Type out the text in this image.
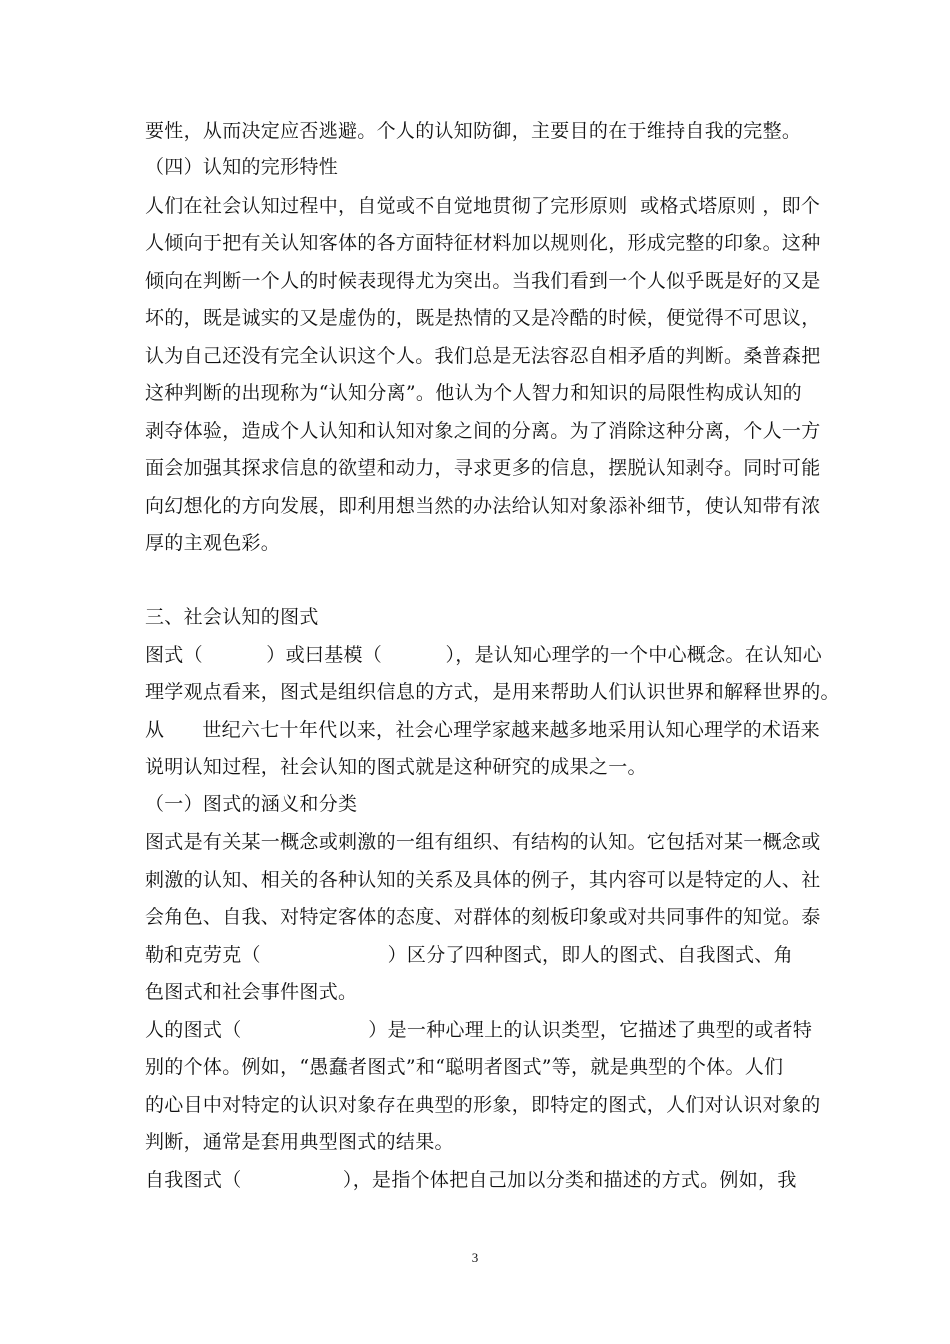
要性，从而决定应否逃避。个人的认知防御，主要目的在于维持自我的完整。
（四）认知的完形特性
人们在社会认知过程中，自觉或不自觉地贯彻了完形原则  或格式塔原则 ，即个
人倾向于把有关认知客体的各方面特征材料加以规则化，形成完整的印象。这种
倾向在判断一个人的时候表现得尤为突出。当我们看到一个人似乎既是好的又是
坏的，既是诚实的又是虚伪的，既是热情的又是冷酷的时候，便觉得不可思议，
认为自己还没有完全认识这个人。我们总是无法容忍自相矛盾的判断。桑普森把
这种判断的出现称为“认知分离”。他认为个人智力和知识的局限性构成认知的
剥夺体验，造成个人认知和认知对象之间的分离。为了消除这种分离，个人一方
面会加强其探求信息的欲望和动力，寻求更多的信息，摆脱认知剥夺。同时可能
向幻想化的方向发展，即利用想当然的办法给认知对象添补细节，使认知带有浓
厚的主观色彩。
三、社会认知的图式
图式（          ）或曰基模（          ），是认知心理学的一个中心概念。在认知心
理学观点看来，图式是组织信息的方式，是用来帮助人们认识世界和解释世界的。
从      世纪六七十年代以来，社会心理学家越来越多地采用认知心理学的术语来
说明认知过程，社会认知的图式就是这种研究的成果之一。
（一）图式的涵义和分类
图式是有关某一概念或刺激的一组有组织、有结构的认知。它包括对某一概念或
刺激的认知、相关的各种认知的关系及具体的例子，其内容可以是特定的人、社
会角色、自我、对特定客体的态度、对群体的刻板印象或对共同事件的知觉。泰
勒和克劳克（                    ）区分了四种图式，即人的图式、自我图式、角
色图式和社会事件图式。
人的图式（                    ）是一种心理上的认识类型，它描述了典型的或者特
别的个体。例如，“愚蠢者图式”和“聪明者图式”等，就是典型的个体。人们
的心目中对特定的认识对象存在典型的形象，即特定的图式，人们对认识对象的
判断，通常是套用典型图式的结果。
自我图式（                ），是指个体把自己加以分类和描述的方式。例如，我
3
